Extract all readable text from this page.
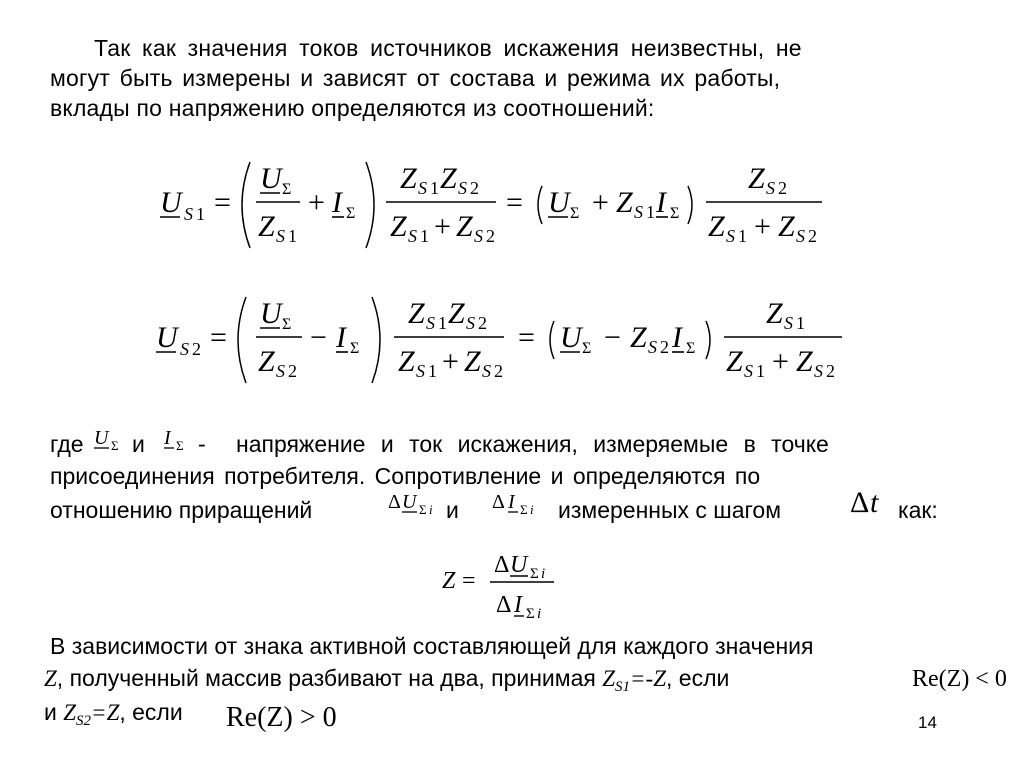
Так как значения токов источников искажения неизвестны, не
могут быть измерены и зависят от состава и режима их работы,
вклады по напряжению определяются из соотношений:
U S 1 =
U Σ
Z S 1
+ I Σ
Z S 1 Z S 2
Z S 1 + Z S 2
= U Σ + Z S 1 I Σ
Z S 2
Z S 1 + Z S 2
U S 2 =
U Σ
Z S 2
− I Σ
Z S 1 Z S 2
Z S 1 + Z S 2
= U Σ − Z S 2 I Σ
Z S 1
Z S 1 + Z S 2
где U Σ и I Σ - напряжение и ток искажения, измеряемые в точке
присоединения потребителя. Сопротивление и определяются по
отношению приращений	Δ U Σ i и Δ I Σ i измеренных с шагом Δ t как:
Z =
Δ U Σ i
Δ I Σ i
В зависимости от знака активной составляющей для каждого значения
Z, полученный массив разбивают на два, принимая $Z_{S1}=-Z$, если	Re(Z) < 0
и $Z_{S2}=Z$, если Re(Z) > 0	14
